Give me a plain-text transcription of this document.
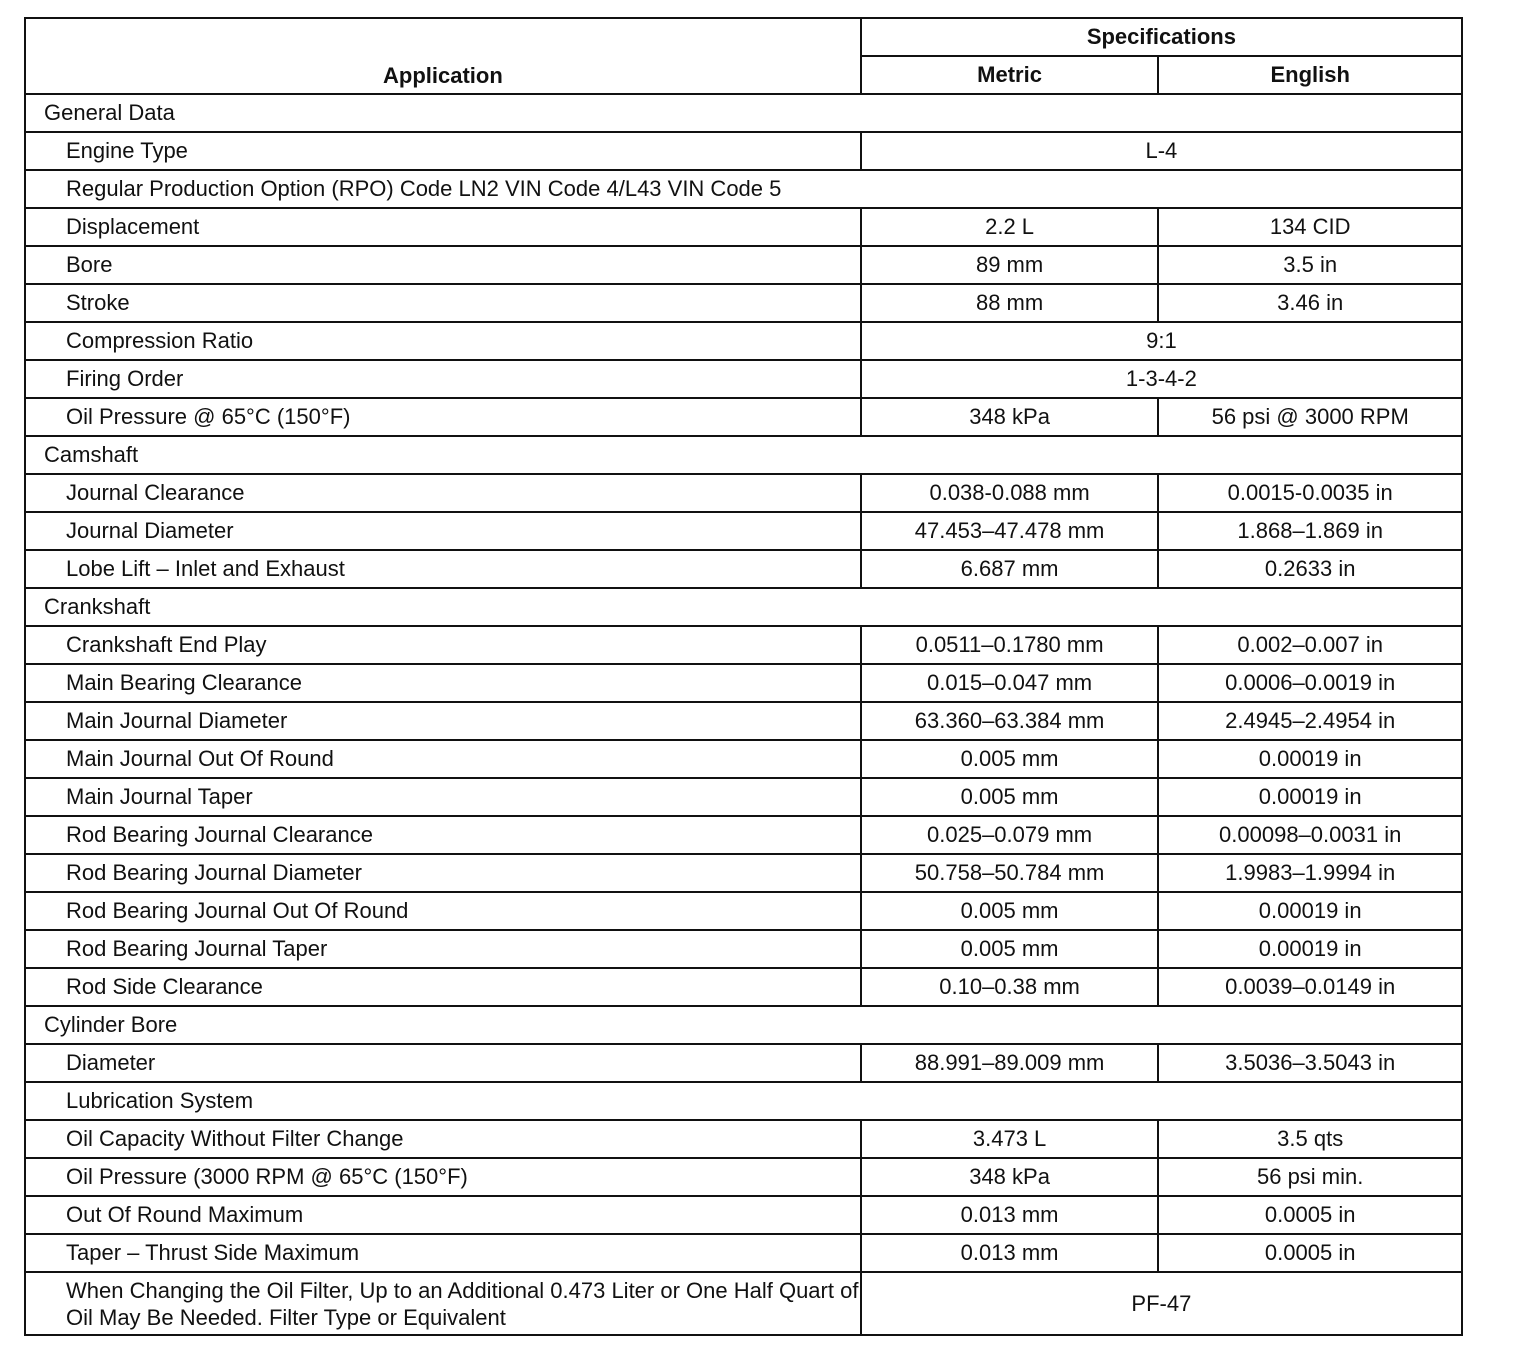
Application	Specifications	
	Metric	English
General Data		
Engine Type	L-4	
Regular Production Option (RPO) Code LN2 VIN Code 4/L43 VIN Code 5		
Displacement	2.2 L	134 CID
Bore	89 mm	3.5 in
Stroke	88 mm	3.46 in
Compression Ratio	9:1	
Firing Order	1-3-4-2	
Oil Pressure @ 65°C (150°F)	348 kPa	56 psi @ 3000 RPM
Camshaft		
Journal Clearance	0.038-0.088 mm	0.0015-0.0035 in
Journal Diameter	47.453–47.478 mm	1.868–1.869 in
Lobe Lift – Inlet and Exhaust	6.687 mm	0.2633 in
Crankshaft		
Crankshaft End Play	0.0511–0.1780 mm	0.002–0.007 in
Main Bearing Clearance	0.015–0.047 mm	0.0006–0.0019 in
Main Journal Diameter	63.360–63.384 mm	2.4945–2.4954 in
Main Journal Out Of Round	0.005 mm	0.00019 in
Main Journal Taper	0.005 mm	0.00019 in
Rod Bearing Journal Clearance	0.025–0.079 mm	0.00098–0.0031 in
Rod Bearing Journal Diameter	50.758–50.784 mm	1.9983–1.9994 in
Rod Bearing Journal Out Of Round	0.005 mm	0.00019 in
Rod Bearing Journal Taper	0.005 mm	0.00019 in
Rod Side Clearance	0.10–0.38 mm	0.0039–0.0149 in
Cylinder Bore		
Diameter	88.991–89.009 mm	3.5036–3.5043 in
Lubrication System		
Oil Capacity Without Filter Change	3.473 L	3.5 qts
Oil Pressure (3000 RPM @ 65°C (150°F)	348 kPa	56 psi min.
Out Of Round Maximum	0.013 mm	0.0005 in
Taper – Thrust Side Maximum	0.013 mm	0.0005 in
When Changing the Oil Filter, Up to an Additional 0.473 Liter or One Half Quart of Oil May Be Needed. Filter Type or Equivalent	PF-47	
